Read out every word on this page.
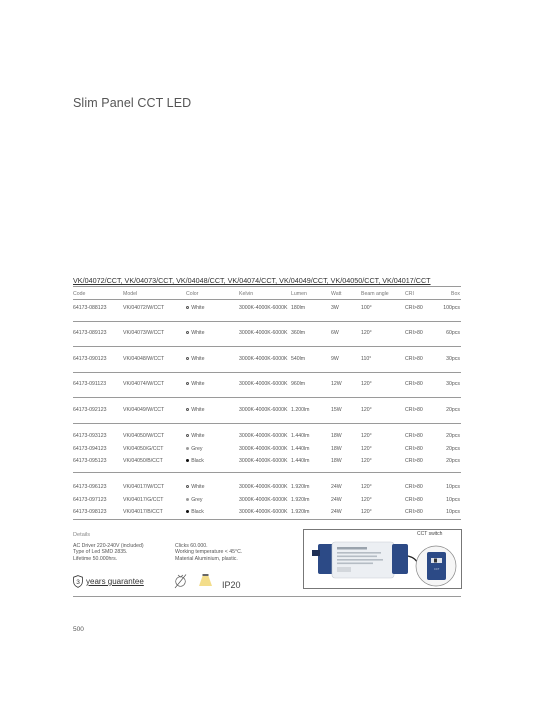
Slim Panel CCT LED
VK/04072/CCT, VK/04073/CCT, VK/04048/CCT, VK/04074/CCT, VK/04049/CCT, VK/04050/CCT, VK/04017/CCT
Code	Model	Color	Kelvin	Lumen	Watt	Beam angle	CRI	Box
64173-088123	VK/04072/W/CCT	White	3000K-4000K-6000K 180lm	3W	100°	CRI>80	100pcs
64173-089123	VK/04073/W/CCT	White	3000K-4000K-6000K 360lm	6W	120°	CRI>80	60pcs
64173-090123	VK/04048/W/CCT	White	3000K-4000K-6000K 540lm	9W	110°	CRI>80	30pcs
64173-091123	VK/04074/W/CCT	White	3000K-4000K-6000K 960lm	12W	120°	CRI>80	30pcs
64173-092123	VK/04049/W/CCT	White	3000K-4000K-6000K 1.200lm	15W	120°	CRI>80	20pcs
64173-093123	VK/04050/W/CCT	White	3000K-4000K-6000K 1.440lm	18W	120°	CRI>80	20pcs
64173-094123	VK/04050/G/CCT	Grey	3000K-4000K-6000K 1.440lm	18W	120°	CRI>80	20pcs
64173-095123	VK/04050/B/CCT	Black	3000K-4000K-6000K 1.440lm	18W	120°	CRI>80	20pcs
64173-096123	VK/04017/W/CCT	White	3000K-4000K-6000K 1.920lm	24W	120°	CRI>80	10pcs
64173-097123	VK/04017/G/CCT	Grey	3000K-4000K-6000K 1.920lm	24W	120°	CRI>80	10pcs
64173-098123	VK/04017/B/CCT	Black	3000K-4000K-6000K 1.920lm	24W	120°	CRI>80	10pcs
Details
AC Driver 220-240V (included)
Type of Led SMD 2835.
Lifetime 50.000hrs.
Clicks 60.000.
Working temperature < 45°C.
Material Aluminium, plastic.
3 years guarantee	IP20
CCT
CCT switch
500
